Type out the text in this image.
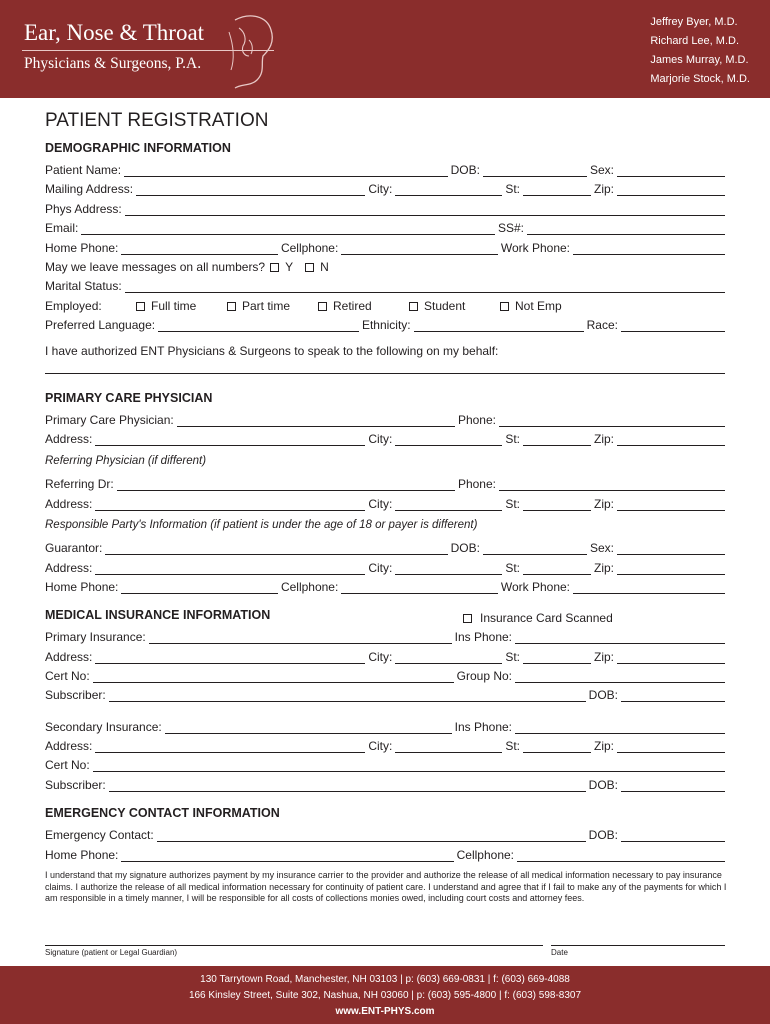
Ear, Nose & Throat
Physicians & Surgeons, P.A.
Jeffrey Byer, M.D.
Richard Lee, M.D.
James Murray, M.D.
Marjorie Stock, M.D.
PATIENT REGISTRATION
DEMOGRAPHIC INFORMATION
Patient Name:	DOB:	Sex:
Mailing Address:	City:	St:	Zip:
Phys Address:
Email:	SS#:
Home Phone:	Cellphone:	Work Phone:
May we leave messages on all numbers? Y N
Marital Status:
Employed:	Full time	Part time	Retired	Student	Not Emp
Preferred Language:	Ethnicity:	Race:
I have authorized ENT Physicians & Surgeons to speak to the following on my behalf:
PRIMARY CARE PHYSICIAN
Primary Care Physician:	Phone:
Address:	City:	St:	Zip:
Referring Physician (if different)
Referring Dr:	Phone:
Address:	City:	St:	Zip:
Responsible Party's Information (if patient is under the age of 18 or payer is different)
Guarantor:	DOB:	Sex:
Address:	City:	St:	Zip:
Home Phone:	Cellphone:	Work Phone:
MEDICAL INSURANCE INFORMATION	Insurance Card Scanned
Primary Insurance:	Ins Phone:
Address:	City:	St:	Zip:
Cert No:	Group No:
Subscriber:	DOB:
Secondary Insurance:	Ins Phone:
Address:	City:	St:	Zip:
Cert No:
Subscriber:	DOB:
EMERGENCY CONTACT INFORMATION
Emergency Contact:	DOB:
Home Phone:	Cellphone:
I understand that my signature authorizes payment by my insurance carrier to the provider and authorize the release of all medical information necessary to pay insurance claims. I authorize the release of all medical information necessary for continuity of patient care. I understand and agree that if I fail to make any of the payments for which I am responsible in a timely manner, I will be responsible for all costs of collections monies owed, including court costs and attorney fees.
Signature (patient or Legal Guardian)	Date
130 Tarrytown Road, Manchester, NH 03103 | p: (603) 669-0831 | f: (603) 669-4088
166 Kinsley Street, Suite 302, Nashua, NH 03060 | p: (603) 595-4800 | f: (603) 598-8307
www.ENT-PHYS.com
